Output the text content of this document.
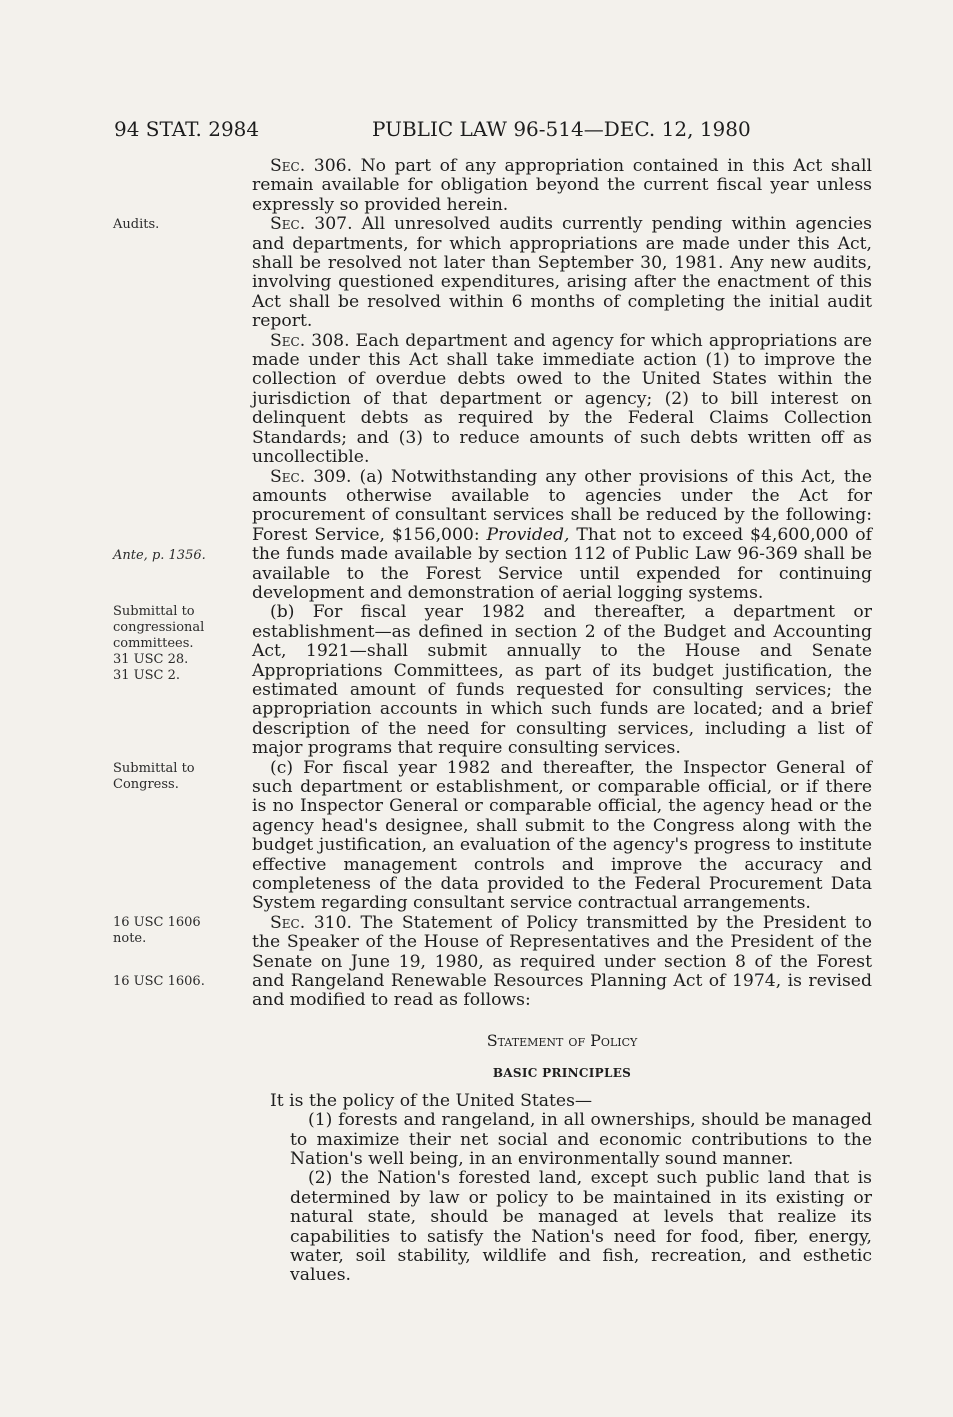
94 STAT. 2984	PUBLIC LAW 96-514—DEC. 12, 1980
Audits.
Ante, p. 1356.
Submittal to
congressional
committees.
31 USC 28.
31 USC 2.
Submittal to
Congress.
16 USC 1606
note.
16 USC 1606.

Sec. 306. No part of any appropriation contained in this Act shall remain available for obligation beyond the current fiscal year unless expressly so provided herein.

Sec. 307. All unresolved audits currently pending within agencies and departments, for which appropriations are made under this Act, shall be resolved not later than September 30, 1981. Any new audits, involving questioned expenditures, arising after the enactment of this Act shall be resolved within 6 months of completing the initial audit report.

Sec. 308. Each department and agency for which appropriations are made under this Act shall take immediate action (1) to improve the collection of overdue debts owed to the United States within the jurisdiction of that department or agency; (2) to bill interest on delinquent debts as required by the Federal Claims Collection Standards; and (3) to reduce amounts of such debts written off as uncollectible.

Sec. 309. (a) Notwithstanding any other provisions of this Act, the amounts otherwise available to agencies under the Act for procurement of consultant services shall be reduced by the following: Forest Service, $156,000: Provided, That not to exceed $4,600,000 of the funds made available by section 112 of Public Law 96-369 shall be available to the Forest Service until expended for continuing development and demonstration of aerial logging systems.

(b) For fiscal year 1982 and thereafter, a department or establishment—as defined in section 2 of the Budget and Accounting Act, 1921—shall submit annually to the House and Senate Appropriations Committees, as part of its budget justification, the estimated amount of funds requested for consulting services; the appropriation accounts in which such funds are located; and a brief description of the need for consulting services, including a list of major programs that require consulting services.

(c) For fiscal year 1982 and thereafter, the Inspector General of such department or establishment, or comparable official, or if there is no Inspector General or comparable official, the agency head or the agency head's designee, shall submit to the Congress along with the budget justification, an evaluation of the agency's progress to institute effective management controls and improve the accuracy and completeness of the data provided to the Federal Procurement Data System regarding consultant service contractual arrangements.

Sec. 310. The Statement of Policy transmitted by the President to the Speaker of the House of Representatives and the President of the Senate on June 19, 1980, as required under section 8 of the Forest and Rangeland Renewable Resources Planning Act of 1974, is revised and modified to read as follows:

Statement of Policy

BASIC PRINCIPLES

It is the policy of the United States—

(1) forests and rangeland, in all ownerships, should be managed to maximize their net social and economic contributions to the Nation's well being, in an environmentally sound manner.

(2) the Nation's forested land, except such public land that is determined by law or policy to be maintained in its existing or natural state, should be managed at levels that realize its capabilities to satisfy the Nation's need for food, fiber, energy, water, soil stability, wildlife and fish, recreation, and esthetic values.
